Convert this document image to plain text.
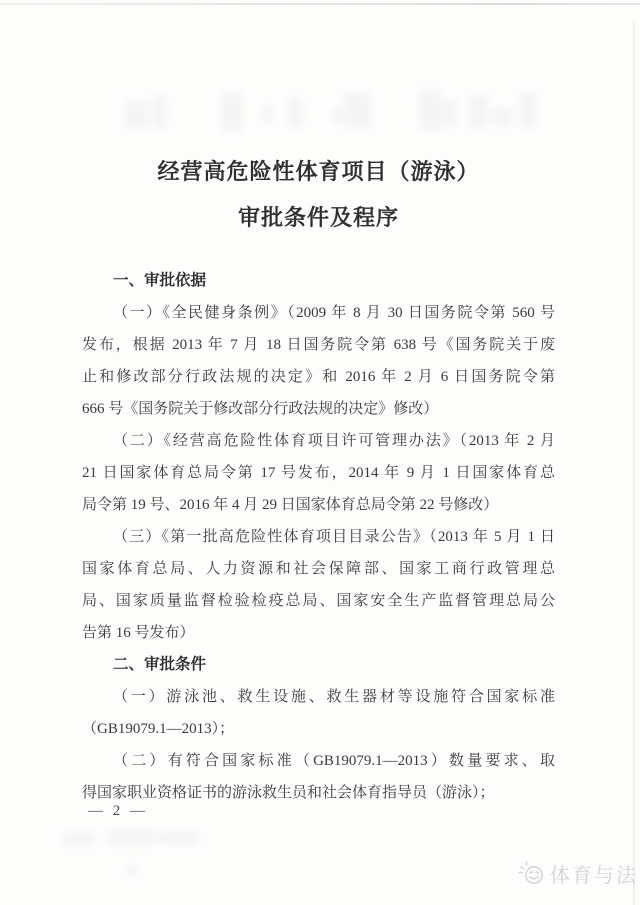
经营高危险性体育项目（游泳）
审批条件及程序
一、审批依据
（一）《全民健身条例》（2009 年 8 月 30 日国务院令第 560 号
发布，根据 2013 年 7 月 18 日国务院令第 638 号《国务院关于废
止和修改部分行政法规的决定》和 2016 年 2 月 6 日国务院令第
666 号《国务院关于修改部分行政法规的决定》修改）
（二）《经营高危险性体育项目许可管理办法》（2013 年 2 月
21 日国家体育总局令第 17 号发布，2014 年 9 月 1 日国家体育总
局令第 19 号、2016 年 4 月 29 日国家体育总局令第 22 号修改）
（三）《第一批高危险性体育项目目录公告》（2013 年 5 月 1 日
国家体育总局、人力资源和社会保障部、国家工商行政管理总
局、国家质量监督检验检疫总局、国家安全生产监督管理总局公
告第 16 号发布）
二、审批条件
（一）游泳池、救生设施、救生器材等设施符合国家标准
（GB19079.1—2013）；
（二）有符合国家标准（GB19079.1—2013）数量要求、取
得国家职业资格证书的游泳救生员和社会体育指导员（游泳）；
— 2 —
体育与法
